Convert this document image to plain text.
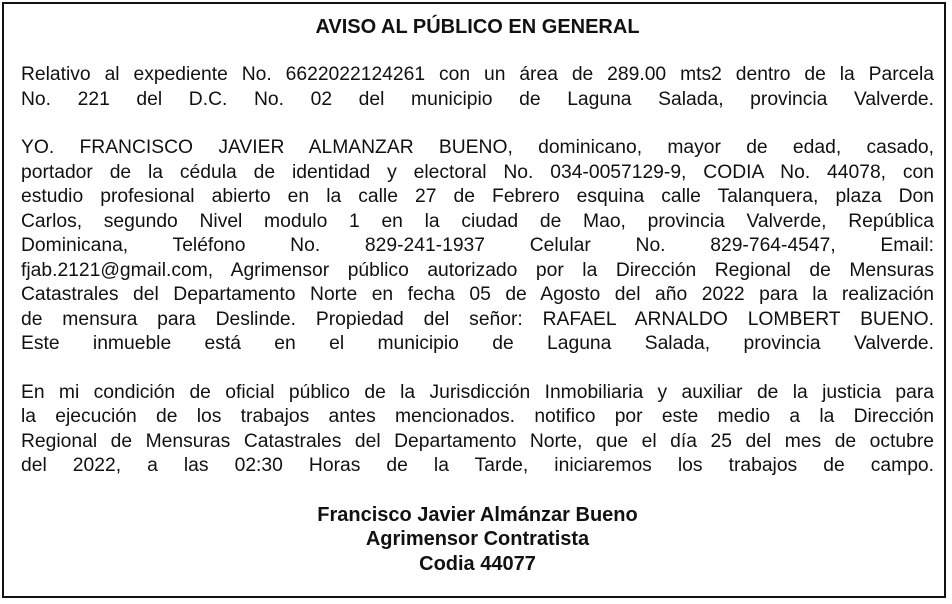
AVISO AL PÚBLICO EN GENERAL
Relativo al expediente No. 6622022124261 con un área de 289.00 mts2 dentro de la Parcela
No. 221 del D.C. No. 02 del municipio de Laguna Salada, provincia Valverde.
YO. FRANCISCO JAVIER ALMANZAR BUENO, dominicano, mayor de edad, casado,
portador de la cédula de identidad y electoral No. 034-0057129-9, CODIA No. 44078, con
estudio profesional abierto en la calle 27 de Febrero esquina calle Talanquera, plaza Don
Carlos, segundo Nivel modulo 1 en la ciudad de Mao, provincia Valverde, República
Dominicana, Teléfono No. 829-241-1937 Celular No. 829-764-4547, Email:
fjab.2121@gmail.com, Agrimensor público autorizado por la Dirección Regional de Mensuras
Catastrales del Departamento Norte en fecha 05 de Agosto del año 2022 para la realización
de mensura para Deslinde. Propiedad del señor: RAFAEL ARNALDO LOMBERT BUENO.
Este inmueble está en el municipio de Laguna Salada, provincia Valverde.
En mi condición de oficial público de la Jurisdicción Inmobiliaria y auxiliar de la justicia para
la ejecución de los trabajos antes mencionados. notifico por este medio a la Dirección
Regional de Mensuras Catastrales del Departamento Norte, que el día 25 del mes de octubre
del 2022, a las 02:30 Horas de la Tarde, iniciaremos los trabajos de campo.
Francisco Javier Almánzar Bueno
Agrimensor Contratista
Codia 44077
